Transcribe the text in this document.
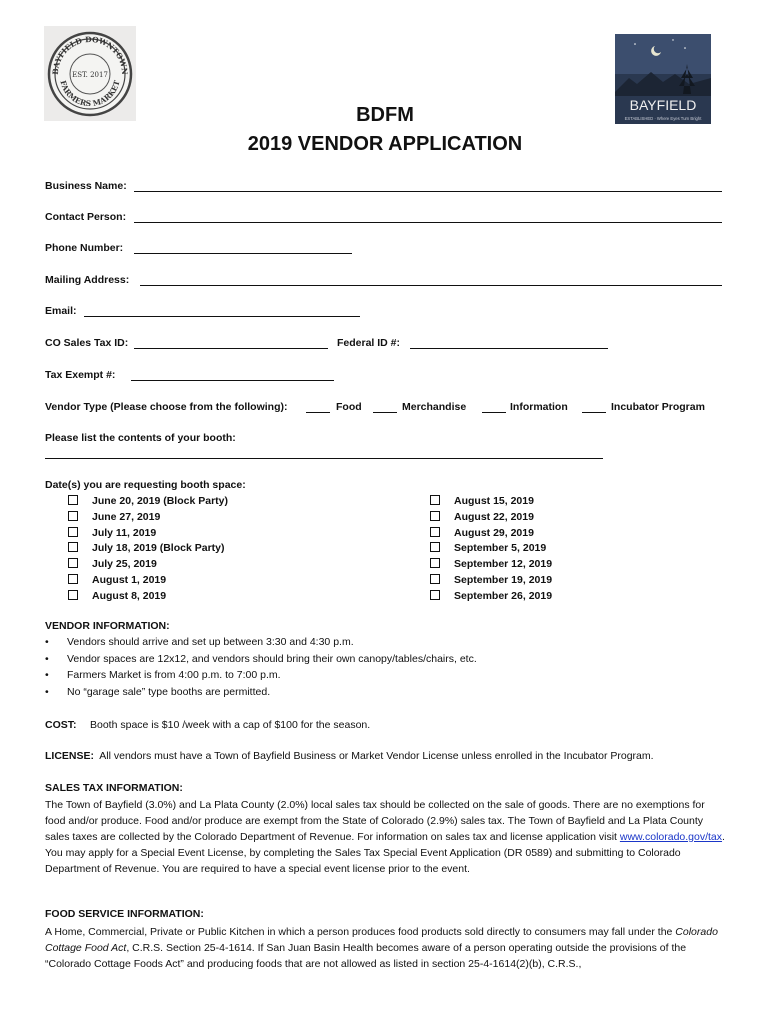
BAYFIELD DOWNTOWN
FARMERS MARKET
EST. 2017
BAYFIELD
ESTABLISHED · Where Eyes Turn Bright
BDFM
2019 VENDOR APPLICATION
Business Name:
Contact Person:
Phone Number:
Mailing Address:
Email:
CO Sales Tax ID:	Federal ID #:
Tax Exempt #:
Vendor Type (Please choose from the following):	Food	Merchandise	Information	Incubator Program
Please list the contents of your booth:
Date(s) you are requesting booth space:
June 20, 2019 (Block Party)
June 27, 2019
July 11, 2019
July 18, 2019 (Block Party)
July 25, 2019
August 1, 2019
August 8, 2019
August 15, 2019
August 22, 2019
August 29, 2019
September 5, 2019
September 12, 2019
September 19, 2019
September 26, 2019
VENDOR INFORMATION:
• Vendors should arrive and set up between 3:30 and 4:30 p.m.
• Vendor spaces are 12x12, and vendors should bring their own canopy/tables/chairs, etc.
• Farmers Market is from 4:00 p.m. to 7:00 p.m.
• No “garage sale” type booths are permitted.
COST: Booth space is $10 /week with a cap of $100 for the season.
LICENSE: All vendors must have a Town of Bayfield Business or Market Vendor License unless enrolled in the Incubator Program.
SALES TAX INFORMATION:
The Town of Bayfield (3.0%) and La Plata County (2.0%) local sales tax should be collected on the sale of goods. There are no exemptions for food and/or produce. Food and/or produce are exempt from the State of Colorado (2.9%) sales tax. The Town of Bayfield and La Plata County sales taxes are collected by the Colorado Department of Revenue. For information on sales tax and license application visit www.colorado.gov/tax. You may apply for a Special Event License, by completing the Sales Tax Special Event Application (DR 0589) and submitting to Colorado Department of Revenue. You are required to have a special event license prior to the event.
FOOD SERVICE INFORMATION:
A Home, Commercial, Private or Public Kitchen in which a person produces food products sold directly to consumers may fall under the Colorado Cottage Food Act, C.R.S. Section 25-4-1614. If San Juan Basin Health becomes aware of a person operating outside the provisions of the “Colorado Cottage Foods Act” and producing foods that are not allowed as listed in section 25-4-1614(2)(b), C.R.S.,
